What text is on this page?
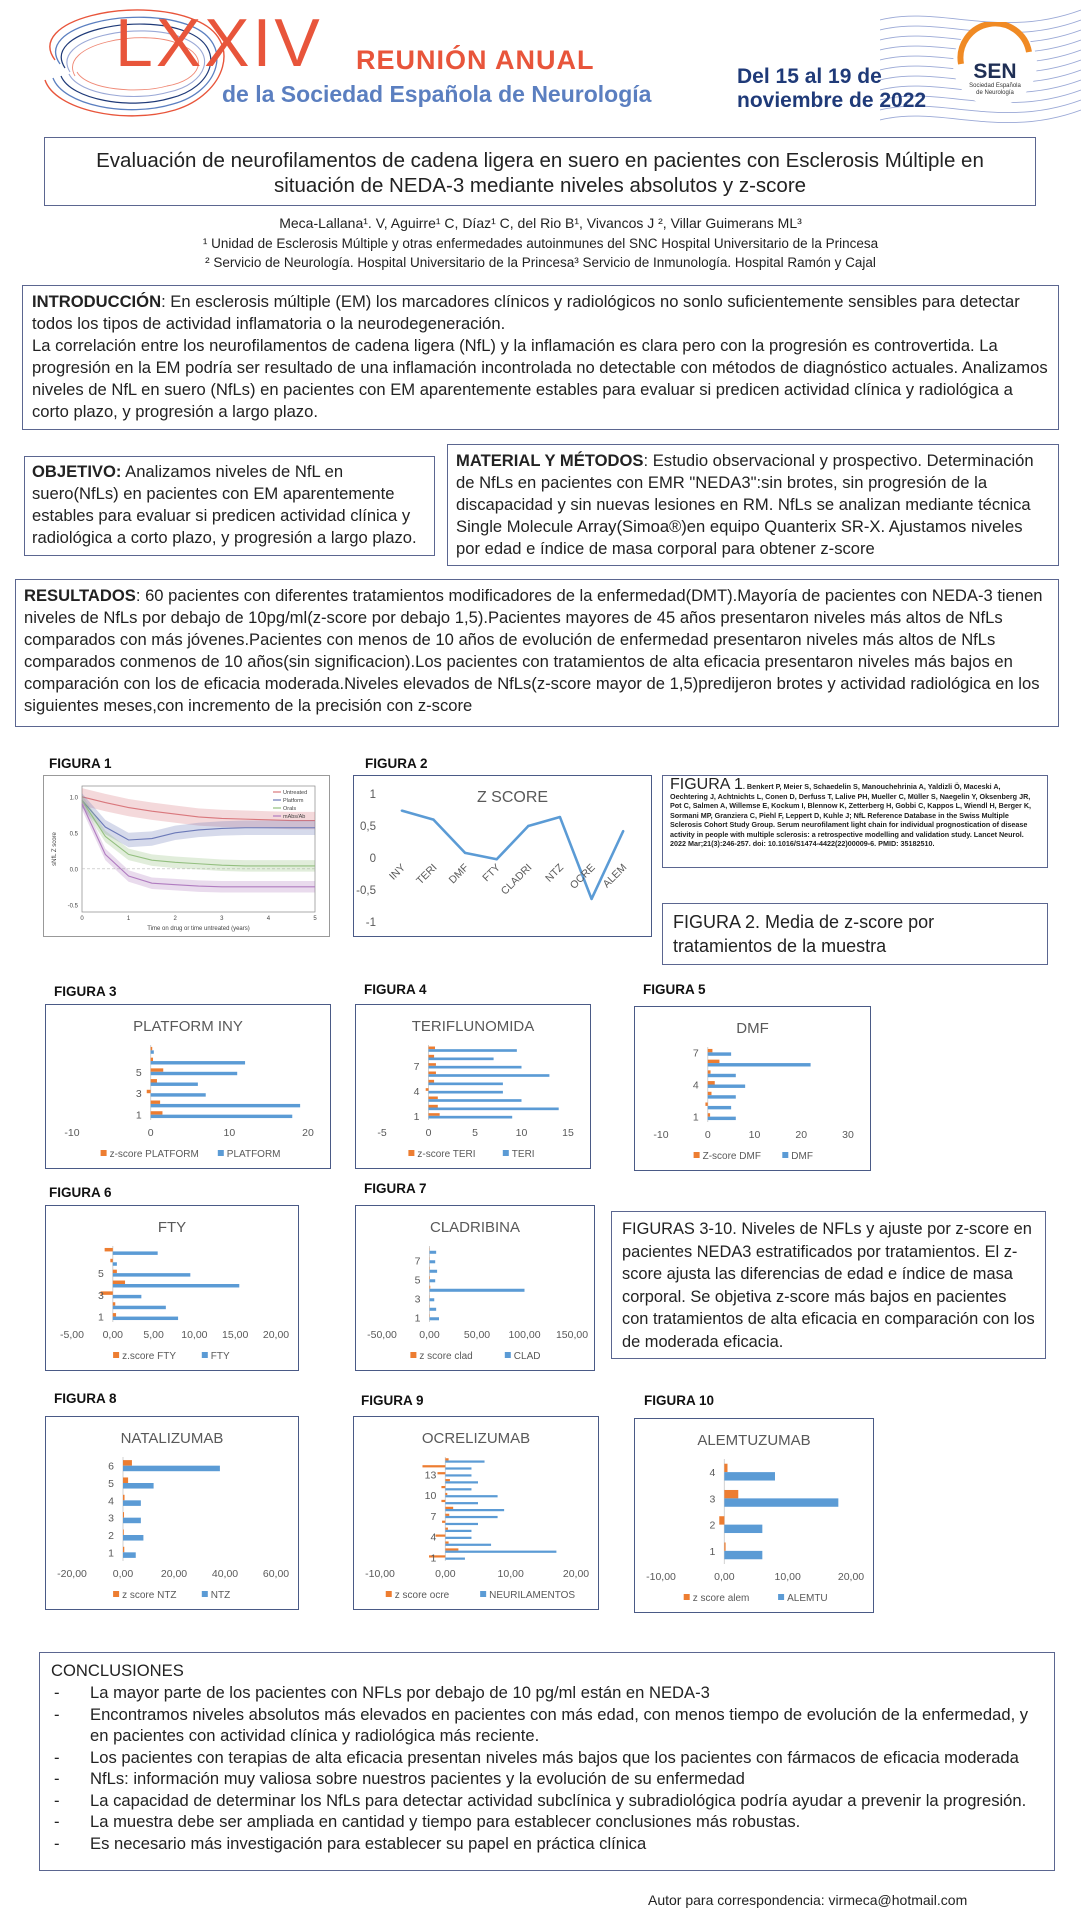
LXXIV REUNIÓN ANUAL
de la Sociedad Española de Neurología
Del 15 al 19 de
noviembre de 2022
SEN
Sociedad Española
de Neurología
Evaluación de neurofilamentos de cadena ligera en suero en pacientes con Esclerosis Múltiple en
situación de NEDA-3 mediante niveles absolutos y z-score
Meca-Lallana¹. V, Aguirre¹ C, Díaz¹ C, del Rio B¹, Vivancos J ², Villar Guimerans ML³
¹ Unidad de Esclerosis Múltiple y otras enfermedades autoinmunes del SNC Hospital Universitario de la Princesa
² Servicio de Neurología. Hospital Universitario de la Princesa³ Servicio de Inmunología. Hospital Ramón y Cajal
INTRODUCCIÓN: En esclerosis múltiple (EM) los marcadores clínicos y radiológicos no sonlo suficientemente sensibles para detectar todos los tipos de actividad inflamatoria o la neurodegeneración.
La correlación entre los neurofilamentos de cadena ligera (NfL) y la inflamación es clara pero con la progresión es controvertida. La progresión en la EM podría ser resultado de una inflamación incontrolada no detectable con métodos de diagnóstico actuales. Analizamos niveles de NfL en suero (NfLs) en pacientes con EM aparentemente estables para evaluar si predicen actividad clínica y radiológica a corto plazo, y progresión a largo plazo.
OBJETIVO: Analizamos niveles de NfL en suero(NfLs) en pacientes con EM aparentemente estables para evaluar si predicen actividad clínica y radiológica a corto plazo, y progresión a largo plazo.
MATERIAL Y MÉTODOS: Estudio observacional y prospectivo. Determinación de NfLs en pacientes con EMR "NEDA3":sin brotes, sin progresión de la discapacidad y sin nuevas lesiones en RM. NfLs se analizan mediante técnica Single Molecule Array(Simoa®)en equipo Quanterix SR-X. Ajustamos niveles por edad e índice de masa corporal para obtener z-score
RESULTADOS: 60 pacientes con diferentes tratamientos modificadores de la enfermedad(DMT).Mayoría de pacientes con NEDA-3 tienen niveles de NfLs por debajo de 10pg/ml(z-score por debajo 1,5).Pacientes mayores de 45 años presentaron niveles más altos de NfLs comparados con más jóvenes.Pacientes con menos de 10 años de evolución de enfermedad presentaron niveles más altos de NfLs comparados conmenos de 10 años(sin significacion).Los pacientes con tratamientos de alta eficacia presentaron niveles más bajos en comparación con los de eficacia moderada.Niveles elevados de NfLs(z-score mayor de 1,5)predijeron brotes y actividad radiológica en los siguientes meses,con incremento de la precisión con z-score
FIGURA 1	FIGURA 2
FIGURA 3	FIGURA 4	FIGURA 5
FIGURA 6	FIGURA 7
FIGURA 8	FIGURA 9	FIGURA 10
-0.5
0.0
0.5
1.0
0	1	2	3	4	5
Time on drug or time untreated (years)
sNfL Z score
Untreated
Platform
Orals
mAbs/Ab
Z SCORE
1
0,5
0
-0,5
-1
INY TERI DMF FTY
CLADRI NTZ OCRE ALEM
PLATFORM INY
1
3
5
-10	0	10	20
z-score PLATFORM	PLATFORM
TERIFLUNOMIDA
1
4
7
-5	0	5	10	15
z-score TERI	TERI
DMF
1
4
7
-10	0	10	20	30
Z-score DMF	DMF
FTY
1
3
5
-5,00 0,00 5,00 10,00 15,00 20,00
z.score FTY	FTY
CLADRIBINA
1
3
5
7
-50,00 0,00 50,00 100,00 150,00
z score clad	CLAD
NATALIZUMAB
1
2
3
4
5
6
-20,00 0,00	20,00 40,00 60,00
z score NTZ	NTZ
OCRELIZUMAB
1
4
7
10
13
-10,00	0,00	10,00	20,00
z score ocre	NEURILAMENTOS
ALEMTUZUMAB
1
2
3
4
-10,00	0,00	10,00	20,00
z score alem	ALEMTU
FIGURA 1. Benkert P, Meier S, Schaedelin S, Manouchehrinia A, Yaldizli Ö, Maceski A, Oechtering J, Achtnichts L, Conen D, Derfuss T, Lalive PH, Mueller C, Müller S, Naegelin Y, Oksenberg JR, Pot C, Salmen A, Willemse E, Kockum I, Blennow K, Zetterberg H, Gobbi C, Kappos L, Wiendl H, Berger K, Sormani MP, Granziera C, Piehl F, Leppert D, Kuhle J; NfL Reference Database in the Swiss Multiple Sclerosis Cohort Study Group. Serum neurofilament light chain for individual prognostication of disease activity in people with multiple sclerosis: a retrospective modelling and validation study. Lancet Neurol. 2022 Mar;21(3):246-257. doi: 10.1016/S1474-4422(22)00009-6. PMID: 35182510.
FIGURA 2. Media de z-score por tratamientos de la muestra
FIGURAS 3-10. Niveles de NFLs y ajuste por z-score en pacientes NEDA3 estratificados por tratamientos. El z-score ajusta las diferencias de edad e índice de masa corporal. Se objetiva z-score más bajos en pacientes con tratamientos de alta eficacia en comparación con los de moderada eficacia.
CONCLUSIONES
- La mayor parte de los pacientes con NFLs por debajo de 10 pg/ml están en NEDA-3
- Encontramos niveles absolutos más elevados en pacientes con más edad, con menos tiempo de evolución de la enfermedad, y en pacientes con actividad clínica y radiológica más reciente.
- Los pacientes con terapias de alta eficacia presentan niveles más bajos que los pacientes con fármacos de eficacia moderada
- NfLs: información muy valiosa sobre nuestros pacientes y la evolución de su enfermedad
- La capacidad de determinar los NfLs para detectar actividad subclínica y subradiológica podría ayudar a prevenir la progresión.
- La muestra debe ser ampliada en cantidad y tiempo para establecer conclusiones más robustas.
- Es necesario más investigación para establecer su papel en práctica clínica
Autor para correspondencia: virmeca@hotmail.com
